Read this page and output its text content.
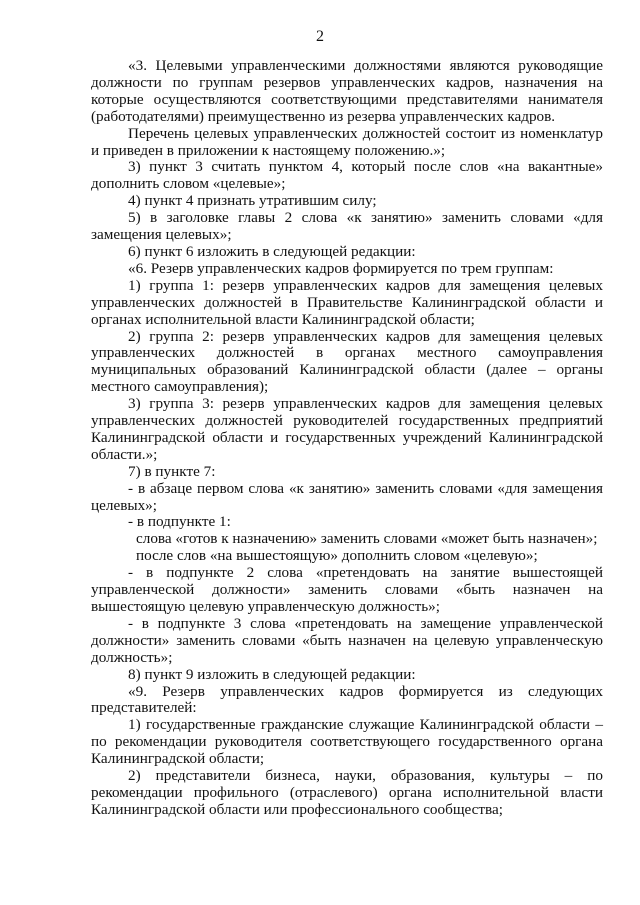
2

«3. Целевыми управленческими должностями являются руководящие должности по группам резервов управленческих кадров, назначения на которые осуществляются соответствующими представителями нанимателя (работодателями) преимущественно из резерва управленческих кадров.

Перечень целевых управленческих должностей состоит из номенклатур и приведен в приложении к настоящему положению.»;

3) пункт 3 считать пунктом 4, который после слов «на вакантные» дополнить словом «целевые»;

4) пункт 4 признать утратившим силу;

5) в заголовке главы 2 слова «к занятию» заменить словами «для замещения целевых»;

6) пункт 6 изложить в следующей редакции:

«6. Резерв управленческих кадров формируется по трем группам:

1) группа 1: резерв управленческих кадров для замещения целевых управленческих должностей в Правительстве Калининградской области и органах исполнительной власти Калининградской области;

2) группа 2: резерв управленческих кадров для замещения целевых управленческих должностей в органах местного самоуправления муниципальных образований Калининградской области (далее – органы местного самоуправления);

3) группа 3: резерв управленческих кадров для замещения целевых управленческих должностей руководителей государственных предприятий Калининградской области и государственных учреждений Калининградской области.»;

7) в пункте 7:

- в абзаце первом слова «к занятию» заменить словами «для замещения целевых»;

- в подпункте 1:

слова «готов к назначению» заменить словами «может быть назначен»;

после слов «на вышестоящую» дополнить словом «целевую»;

- в подпункте 2 слова «претендовать на занятие вышестоящей управленческой должности» заменить словами «быть назначен на вышестоящую целевую управленческую должность»;

- в подпункте 3 слова «претендовать на замещение управленческой должности» заменить словами «быть назначен на целевую управленческую должность»;

8) пункт 9 изложить в следующей редакции:

«9. Резерв управленческих кадров формируется из следующих представителей:

1) государственные гражданские служащие Калининградской области – по рекомендации руководителя соответствующего государственного органа Калининградской области;

2) представители бизнеса, науки, образования, культуры – по рекомендации профильного (отраслевого) органа исполнительной власти Калининградской области или профессионального сообщества;
